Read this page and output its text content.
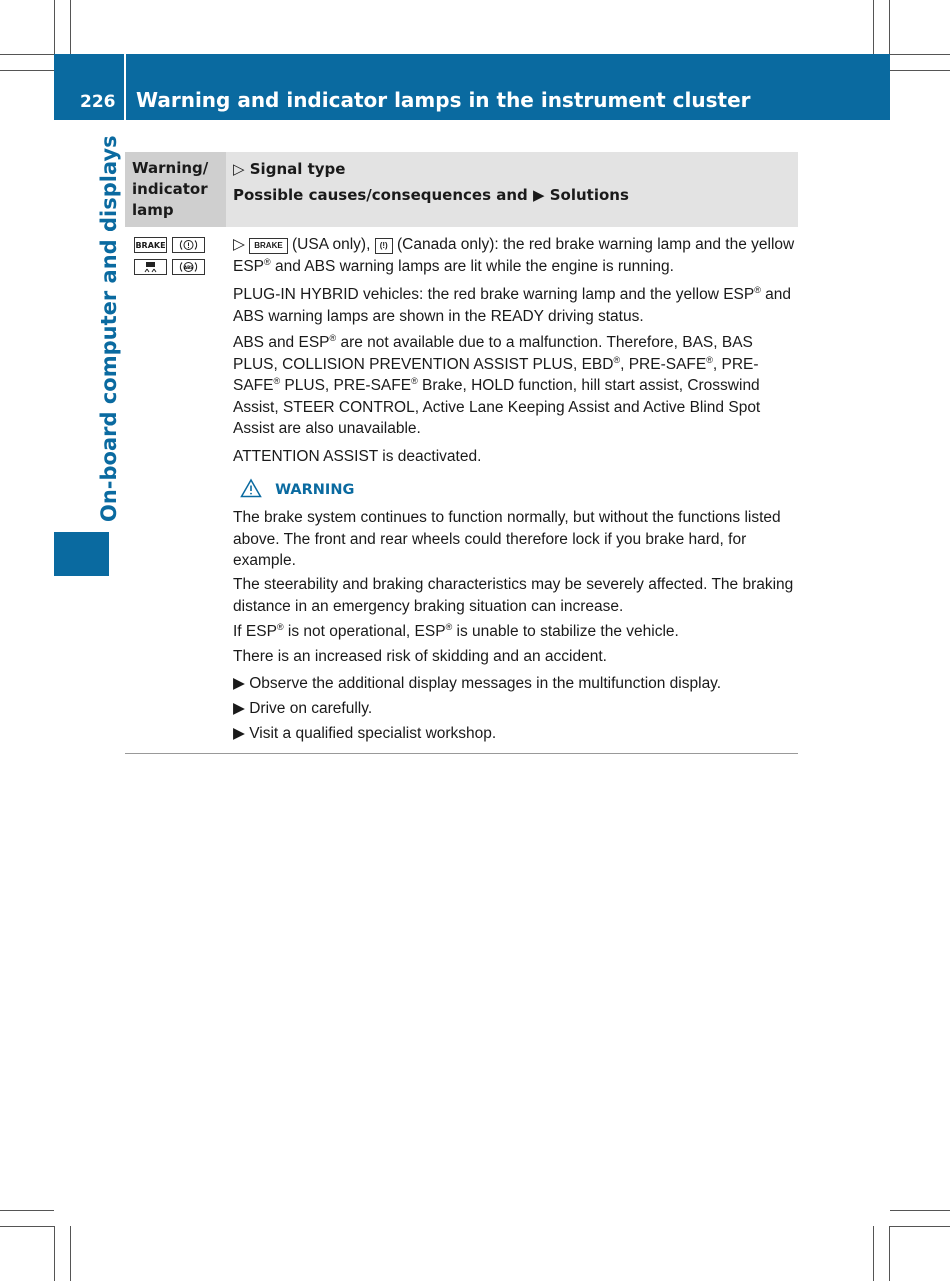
226 Warning and indicator lamps in the instrument cluster
On-board computer and displays Warning/
indicator
lamp
▷ Signal type
Possible causes/consequences and ▶ Solutions
BRAKE
ABS
▷ BRAKE (USA only), (!) (Canada only): the red brake warning lamp and the yellow ESP® and ABS warning lamps are lit while the engine is running.
PLUG-IN HYBRID vehicles: the red brake warning lamp and the yellow ESP® and ABS warning lamps are shown in the READY driving status.
ABS and ESP® are not available due to a malfunction. Therefore, BAS, BAS PLUS, COLLISION PREVENTION ASSIST PLUS, EBD®, PRE-SAFE®, PRE-SAFE® PLUS, PRE-SAFE® Brake, HOLD function, hill start assist, Crosswind Assist, STEER CONTROL, Active Lane Keeping Assist and Active Blind Spot Assist are also unavailable.
ATTENTION ASSIST is deactivated.
WARNING
The brake system continues to function normally, but without the functions listed above. The front and rear wheels could therefore lock if you brake hard, for example.
The steerability and braking characteristics may be severely affected. The braking distance in an emergency braking situation can increase.
If ESP® is not operational, ESP® is unable to stabilize the vehicle.
There is an increased risk of skidding and an accident.
▶ Observe the additional display messages in the multifunction display.
▶ Drive on carefully.
▶ Visit a qualified specialist workshop.
